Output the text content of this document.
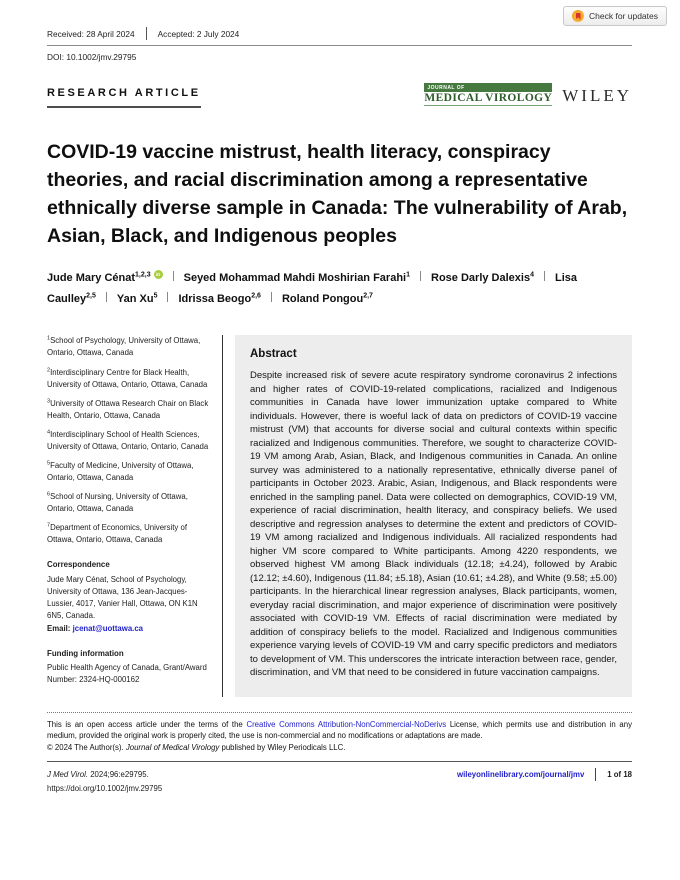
Check for updates
Received: 28 April 2024	Accepted: 2 July 2024
DOI: 10.1002/jmv.29795
RESEARCH ARTICLE	JOURNAL OF
MEDICAL VIROLOGY WILEY
COVID-19 vaccine mistrust, health literacy, conspiracy theories, and racial discrimination among a representative ethnically diverse sample in Canada: The vulnerability of Arab, Asian, Black, and Indigenous peoples
Jude Mary Cénat$^{1,2,3}$ iD Seyed Mohammad Mahdi Moshirian Farahi$^1$ Rose Darly Dalexis$^4$ Lisa Caulley$^{2,5}$ Yan Xu$^5$ Idrissa Beogo$^{2,6}$ Roland Pongou$^{2,7}$

$^1$School of Psychology, University of Ottawa, Ontario, Ottawa, Canada

$^2$Interdisciplinary Centre for Black Health, University of Ottawa, Ontario, Ottawa, Canada

$^3$University of Ottawa Research Chair on Black Health, Ontario, Ottawa, Canada

$^4$Interdisciplinary School of Health Sciences, University of Ottawa, Ontario, Ontario, Canada

$^5$Faculty of Medicine, University of Ottawa, Ontario, Ottawa, Canada

$^6$School of Nursing, University of Ottawa, Ontario, Ottawa, Canada

$^7$Department of Economics, University of Ottawa, Ontario, Ottawa, Canada

Correspondence
Jude Mary Cénat, School of Psychology, University of Ottawa, 136 Jean-Jacques-Lussier, 4017, Vanier Hall, Ottawa, ON K1N 6N5, Canada.
Email: jcenat@uottawa.ca
Funding information
Public Health Agency of Canada, Grant/Award Number: 2324-HQ-000162
Abstract

Despite increased risk of severe acute respiratory syndrome coronavirus 2 infections and higher rates of COVID-19-related complications, racialized and Indigenous communities in Canada have lower immunization uptake compared to White individuals. However, there is woeful lack of data on predictors of COVID-19 vaccine mistrust (VM) that accounts for diverse social and cultural contexts within specific racialized and Indigenous communities. Therefore, we sought to characterize COVID-19 VM among Arab, Asian, Black, and Indigenous communities in Canada. An online survey was administered to a nationally representative, ethnically diverse panel of participants in October 2023. Arabic, Asian, Indigenous, and Black respondents were enriched in the sampling panel. Data were collected on demographics, COVID-19 VM, experience of racial discrimination, health literacy, and conspiracy beliefs. We used descriptive and regression analyses to determine the extent and predictors of COVID-19 VM among racialized and Indigenous individuals. All racialized respondents had higher VM score compared to White participants. Among 4220 respondents, we observed highest VM among Black individuals (12.18; ±4.24), followed by Arabic (12.12; ±4.60), Indigenous (11.84; ±5.18), Asian (10.61; ±4.28), and White (9.58; ±5.00) participants. In the hierarchical linear regression analyses, Black participants, women, everyday racial discrimination, and major experience of discrimination were positively associated with COVID-19 VM. Effects of racial discrimination were mediated by addition of conspiracy beliefs to the model. Racialized and Indigenous communities experience varying levels of COVID-19 VM and carry specific predictors and mediators to development of VM. This underscores the intricate interaction between race, gender, discrimination, and VM that need to be considered in future vaccination campaigns.

This is an open access article under the terms of the Creative Commons Attribution-NonCommercial-NoDerivs License, which permits use and distribution in any medium, provided the original work is properly cited, the use is non-commercial and no modifications or adaptations are made.

© 2024 The Author(s). Journal of Medical Virology published by Wiley Periodicals LLC.

J Med Virol. 2024;96:e29795.
https://doi.org/10.1002/jmv.29795
wileyonlinelibrary.com/journal/jmv	1 of 18
